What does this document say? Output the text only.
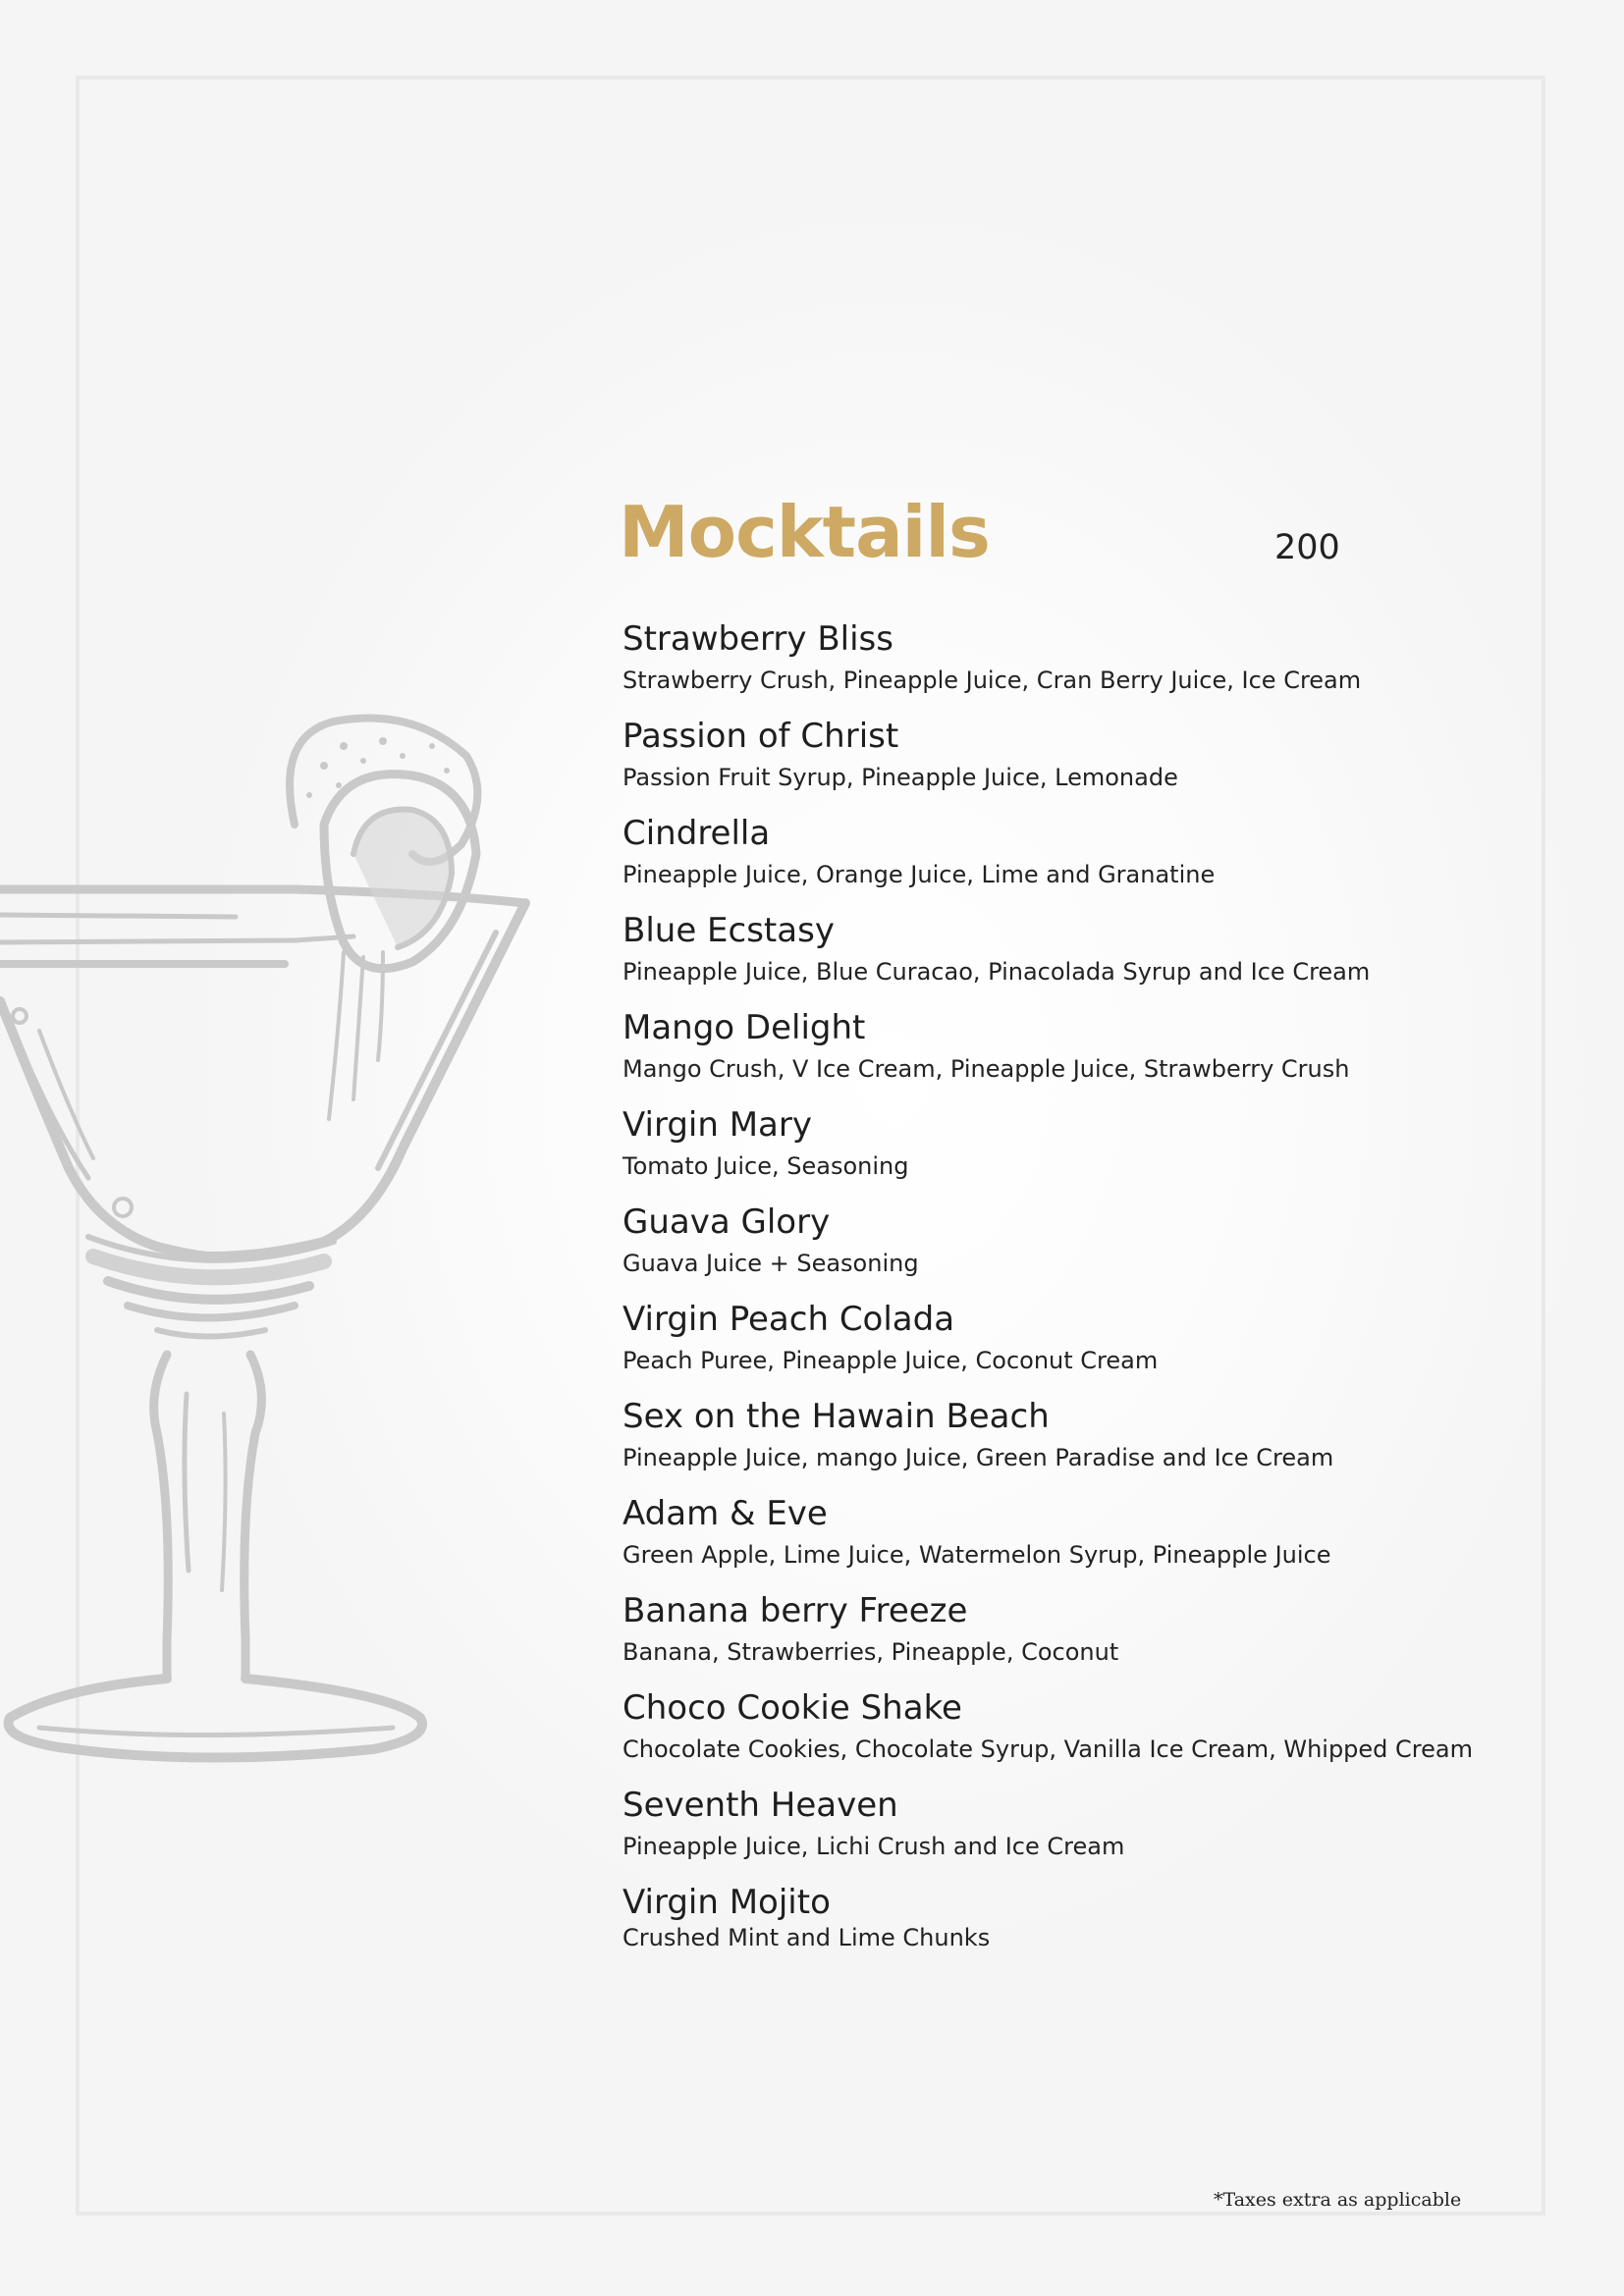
Mocktails	200
Strawberry Bliss
Strawberry Crush, Pineapple Juice, Cran Berry Juice, Ice Cream
Passion of Christ
Passion Fruit Syrup, Pineapple Juice, Lemonade
Cindrella
Pineapple Juice, Orange Juice, Lime and Granatine
Blue Ecstasy
Pineapple Juice, Blue Curacao, Pinacolada Syrup and Ice Cream
Mango Delight
Mango Crush, V Ice Cream, Pineapple Juice, Strawberry Crush
Virgin Mary
Tomato Juice, Seasoning
Guava Glory
Guava Juice + Seasoning
Virgin Peach Colada
Peach Puree, Pineapple Juice, Coconut Cream
Sex on the Hawain Beach
Pineapple Juice, mango Juice, Green Paradise and Ice Cream
Adam & Eve
Green Apple, Lime Juice, Watermelon Syrup, Pineapple Juice
Banana berry Freeze
Banana, Strawberries, Pineapple, Coconut
Choco Cookie Shake
Chocolate Cookies, Chocolate Syrup, Vanilla Ice Cream, Whipped Cream
Seventh Heaven
Pineapple Juice, Lichi Crush and Ice Cream
Virgin Mojito
Crushed Mint and Lime Chunks
*Taxes extra as applicable
